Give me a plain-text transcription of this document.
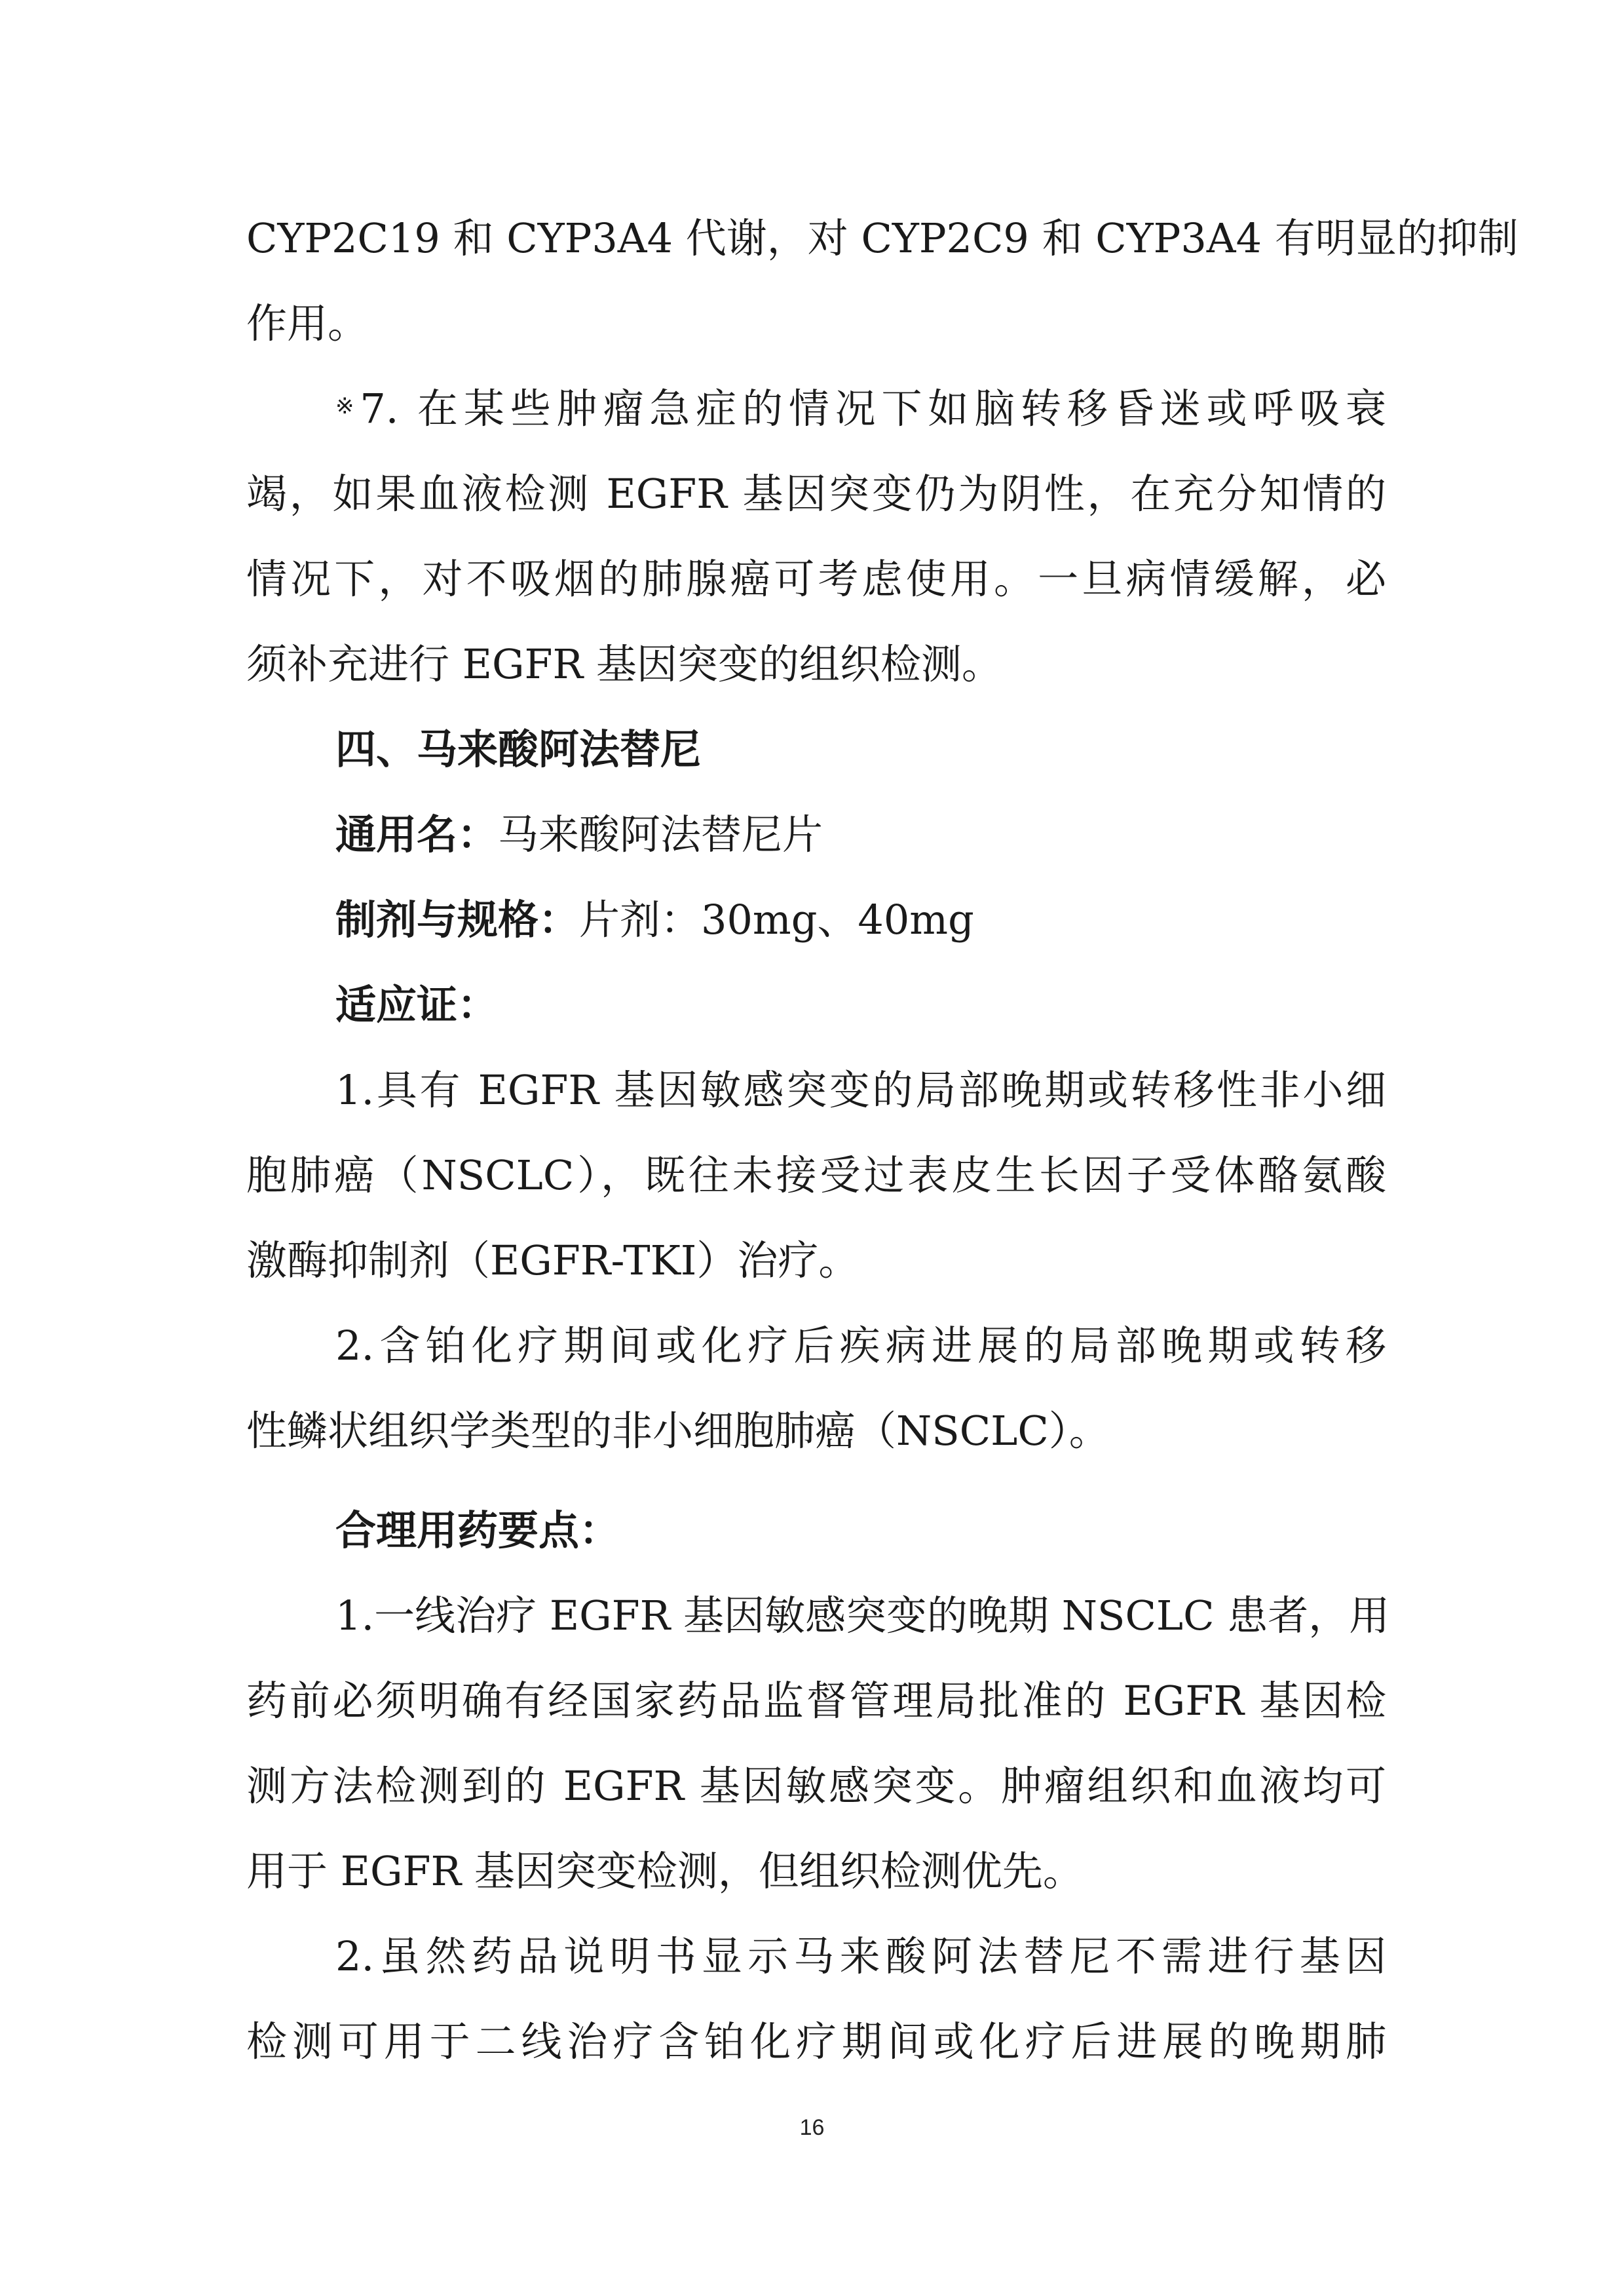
CYP2C19 和 CYP3A4 代谢，对 CYP2C9 和 CYP3A4 有明显的抑制

作用。

※7. 在某些肿瘤急症的情况下如脑转移昏迷或呼吸衰

竭，如果血液检测 EGFR 基因突变仍为阴性，在充分知情的

情况下，对不吸烟的肺腺癌可考虑使用。一旦病情缓解，必

须补充进行 EGFR 基因突变的组织检测。

四、马来酸阿法替尼

通用名：马来酸阿法替尼片

制剂与规格：片剂：30mg、40mg

适应证：

1.具有 EGFR 基因敏感突变的局部晚期或转移性非小细

胞肺癌（NSCLC），既往未接受过表皮生长因子受体酪氨酸

激酶抑制剂（EGFR-TKI）治疗。

2.含铂化疗期间或化疗后疾病进展的局部晚期或转移

性鳞状组织学类型的非小细胞肺癌（NSCLC）。

合理用药要点：

1.一线治疗 EGFR 基因敏感突变的晚期 NSCLC 患者，用

药前必须明确有经国家药品监督管理局批准的 EGFR 基因检

测方法检测到的 EGFR 基因敏感突变。肿瘤组织和血液均可

用于 EGFR 基因突变检测，但组织检测优先。

2.虽然药品说明书显示马来酸阿法替尼不需进行基因

检测可用于二线治疗含铂化疗期间或化疗后进展的晚期肺

16
